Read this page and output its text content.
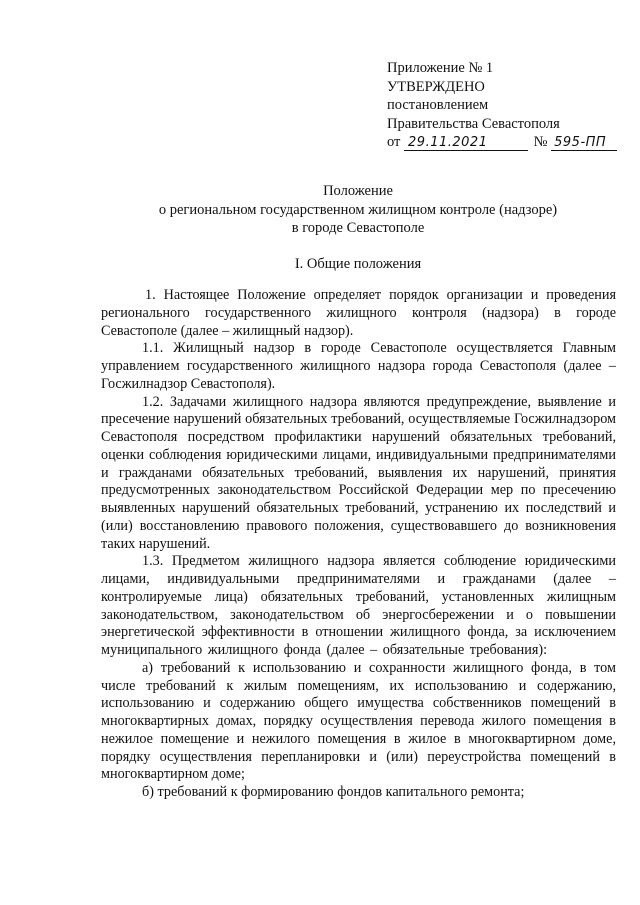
Приложение № 1
УТВЕРЖДЕНО
постановлением
Правительства Севастополя
от 29.11.2021	№ 595-ПП
Положение
о региональном государственном жилищном контроле (надзоре)
в городе Севастополе
I. Общие положения

1. Настоящее Положение определяет порядок организации и проведения регионального государственного жилищного контроля (надзора) в городе Севастополе (далее – жилищный надзор).

1.1. Жилищный надзор в городе Севастополе осуществляется Главным управлением государственного жилищного надзора города Севастополя (далее – Госжилнадзор Севастополя).

1.2. Задачами жилищного надзора являются предупреждение, выявление и пресечение нарушений обязательных требований, осуществляемые Госжилнадзором Севастополя посредством профилактики нарушений обязательных требований, оценки соблюдения юридическими лицами, индивидуальными предпринимателями и гражданами обязательных требований, выявления их нарушений, принятия предусмотренных законодательством Российской Федерации мер по пресечению выявленных нарушений обязательных требований, устранению их последствий и (или) восстановлению правового положения, существовавшего до возникновения таких нарушений.

1.3. Предметом жилищного надзора является соблюдение юридическими лицами, индивидуальными предпринимателями и гражданами (далее – контролируемые лица) обязательных требований, установленных жилищным законодательством, законодательством об энергосбережении и о повышении энергетической эффективности в отношении жилищного фонда, за исключением муниципального жилищного фонда (далее – обязательные требования):

а) требований к использованию и сохранности жилищного фонда, в том числе требований к жилым помещениям, их использованию и содержанию, использованию и содержанию общего имущества собственников помещений в многоквартирных домах, порядку осуществления перевода жилого помещения в нежилое помещение и нежилого помещения в жилое в многоквартирном доме, порядку осуществления перепланировки и (или) переустройства помещений в многоквартирном доме;

б) требований к формированию фондов капитального ремонта;
